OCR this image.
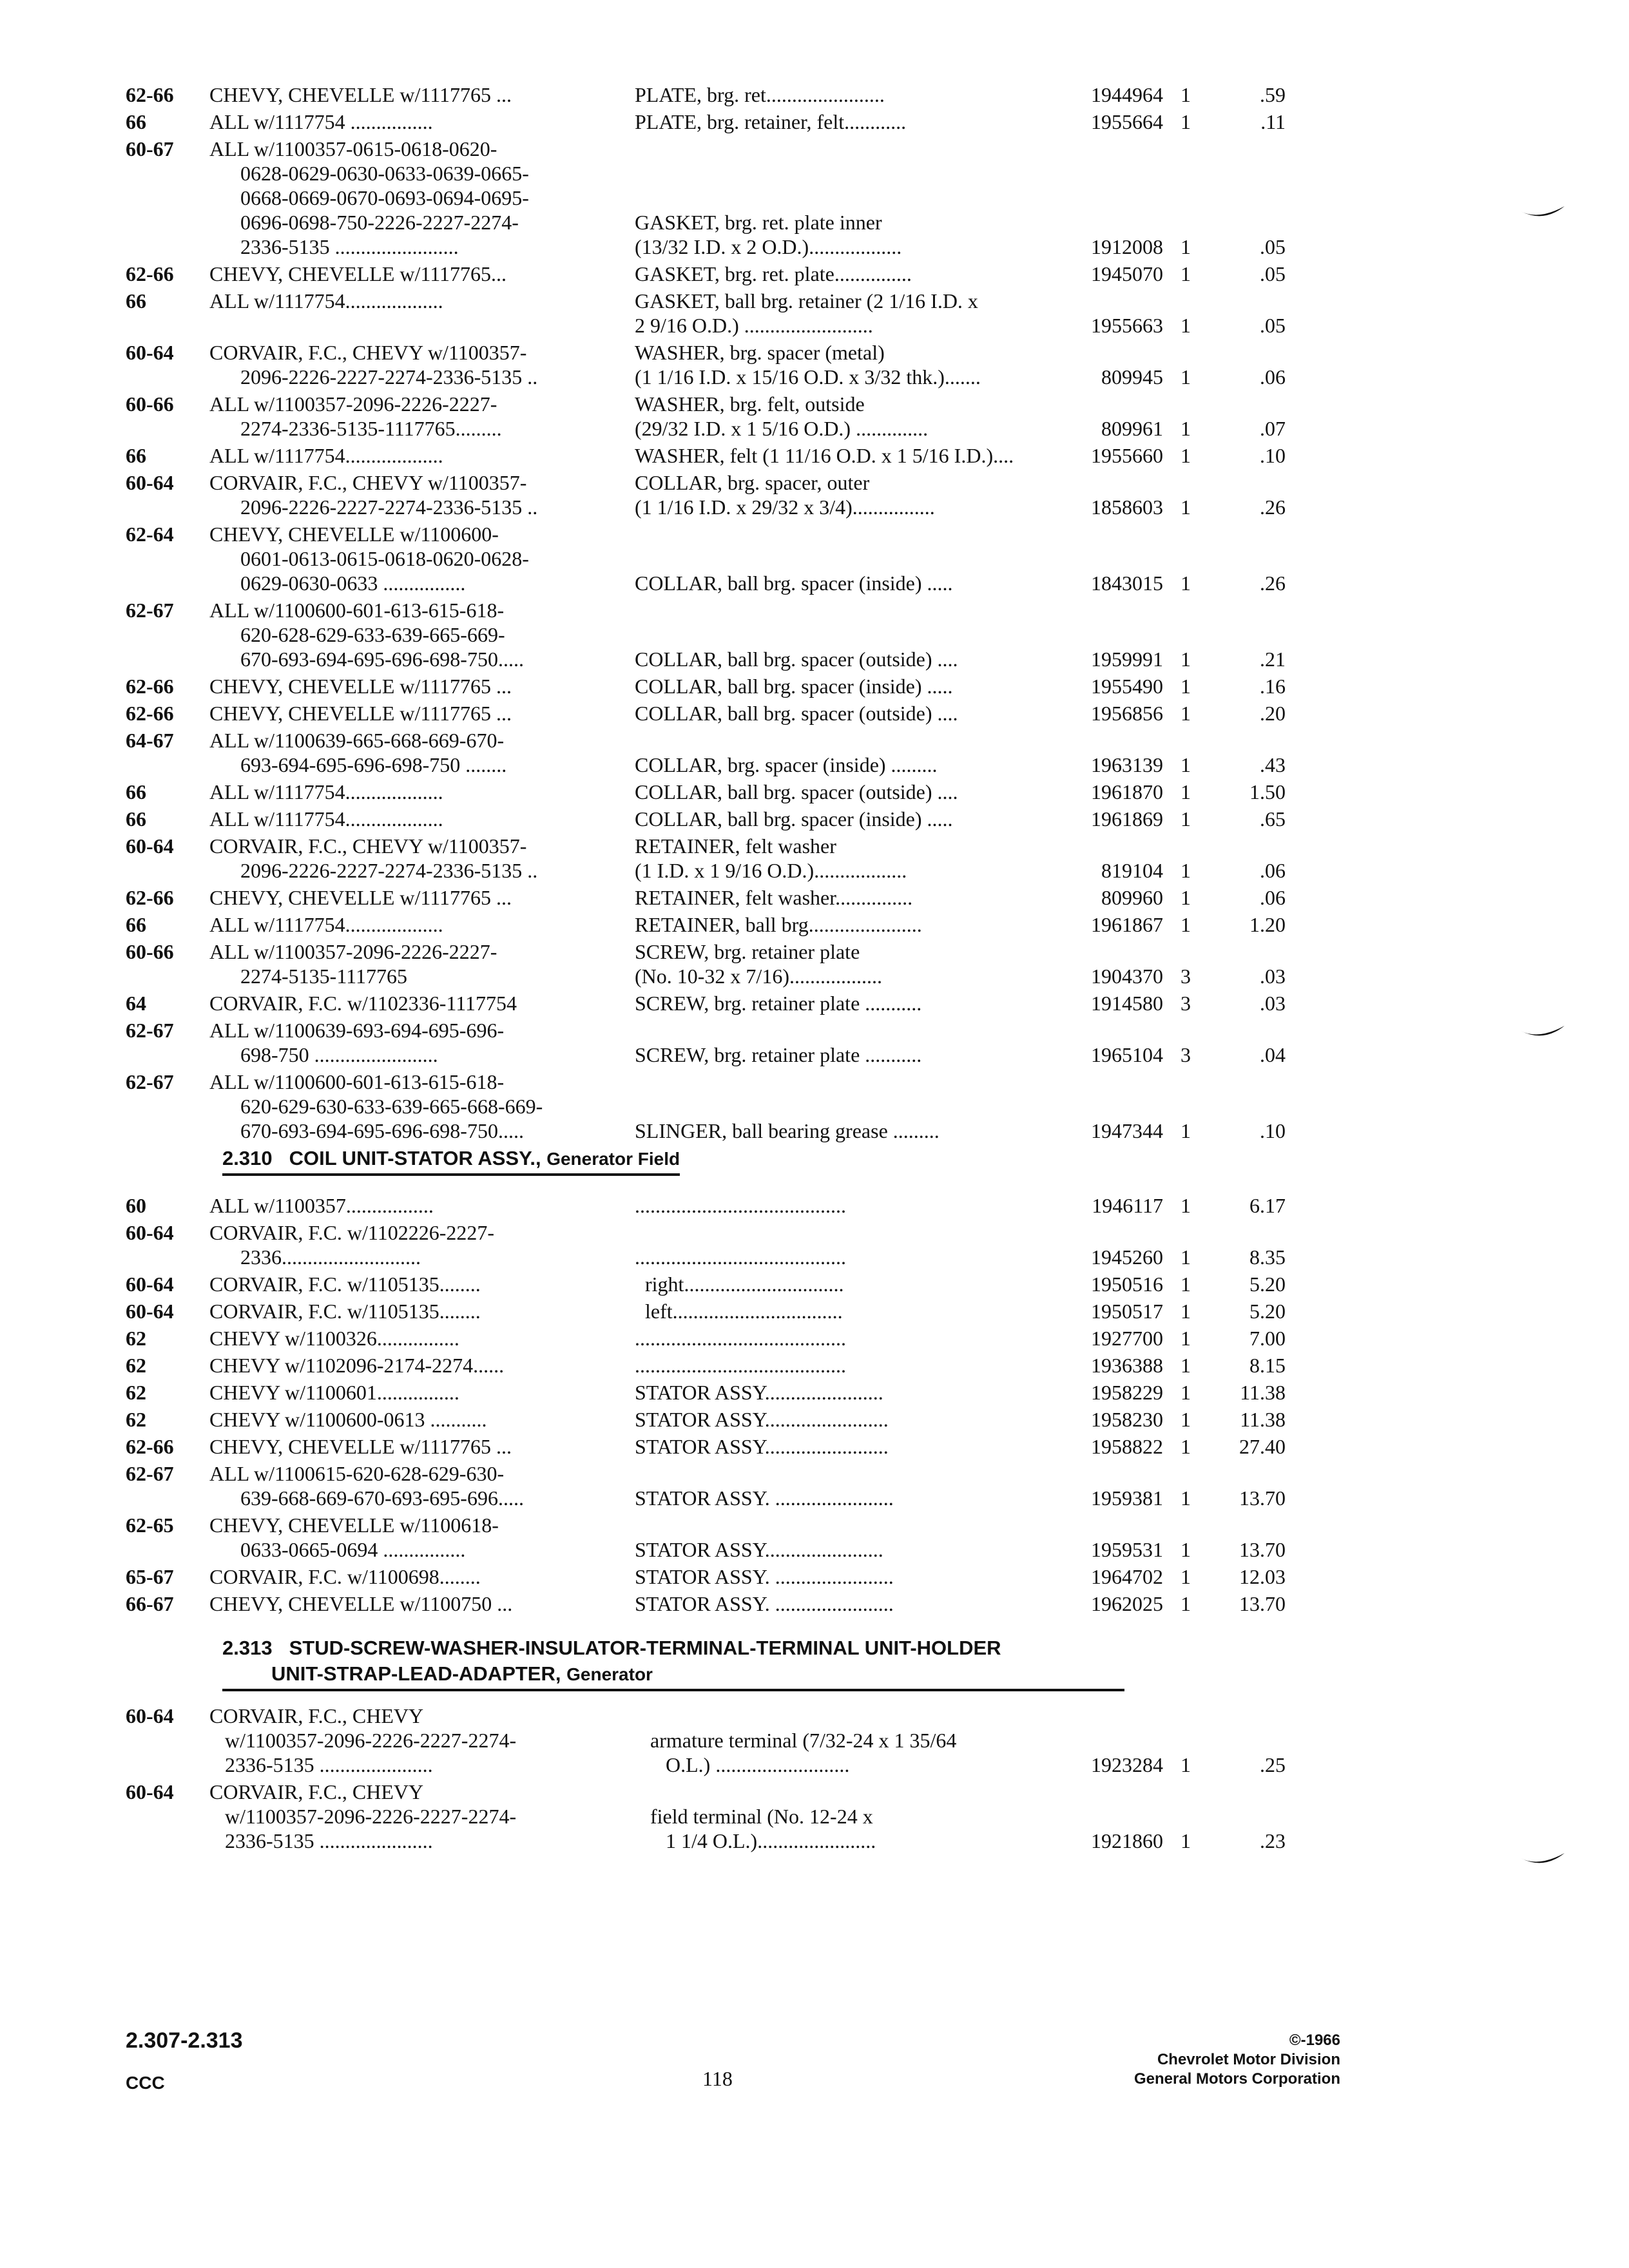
62-66	CHEVY, CHEVELLE w/1117765 ...	PLATE, brg. ret.......................	1944964	1	.59
66	ALL w/1117754 ................	PLATE, brg. retainer, felt............	1955664	1	.11
60-67	ALL w/1100357-0615-0618-0620-				
	0628-0629-0630-0633-0639-0665-				
	0668-0669-0670-0693-0694-0695-				
	0696-0698-750-2226-2227-2274-	GASKET, brg. ret. plate inner			
	2336-5135 ........................	(13/32 I.D. x 2 O.D.)..................	1912008	1	.05
62-66	CHEVY, CHEVELLE w/1117765...	GASKET, brg. ret. plate...............	1945070	1	.05
66	ALL w/1117754...................	GASKET, ball brg. retainer (2 1/16 I.D. x			
		2 9/16 O.D.) .........................	1955663	1	.05
60-64	CORVAIR, F.C., CHEVY w/1100357-	WASHER, brg. spacer (metal)			
	2096-2226-2227-2274-2336-5135 ..	(1 1/16 I.D. x 15/16 O.D. x 3/32 thk.).......	809945	1	.06
60-66	ALL w/1100357-2096-2226-2227-	WASHER, brg. felt, outside			
	2274-2336-5135-1117765.........	(29/32 I.D. x 1 5/16 O.D.) ..............	809961	1	.07
66	ALL w/1117754...................	WASHER, felt (1 11/16 O.D. x 1 5/16 I.D.)....	1955660	1	.10
60-64	CORVAIR, F.C., CHEVY w/1100357-	COLLAR, brg. spacer, outer			
	2096-2226-2227-2274-2336-5135 ..	(1 1/16 I.D. x 29/32 x 3/4)................	1858603	1	.26
62-64	CHEVY, CHEVELLE w/1100600-				
	0601-0613-0615-0618-0620-0628-				
	0629-0630-0633 ................	COLLAR, ball brg. spacer (inside) .....	1843015	1	.26
62-67	ALL w/1100600-601-613-615-618-				
	620-628-629-633-639-665-669-				
	670-693-694-695-696-698-750.....	COLLAR, ball brg. spacer (outside) ....	1959991	1	.21
62-66	CHEVY, CHEVELLE w/1117765 ...	COLLAR, ball brg. spacer (inside) .....	1955490	1	.16
62-66	CHEVY, CHEVELLE w/1117765 ...	COLLAR, ball brg. spacer (outside) ....	1956856	1	.20
64-67	ALL w/1100639-665-668-669-670-				
	693-694-695-696-698-750 ........	COLLAR, brg. spacer (inside) .........	1963139	1	.43
66	ALL w/1117754...................	COLLAR, ball brg. spacer (outside) ....	1961870	1	1.50
66	ALL w/1117754...................	COLLAR, ball brg. spacer (inside) .....	1961869	1	.65
60-64	CORVAIR, F.C., CHEVY w/1100357-	RETAINER, felt washer			
	2096-2226-2227-2274-2336-5135 ..	(1 I.D. x 1 9/16 O.D.)..................	819104	1	.06
62-66	CHEVY, CHEVELLE w/1117765 ...	RETAINER, felt washer...............	809960	1	.06
66	ALL w/1117754...................	RETAINER, ball brg......................	1961867	1	1.20
60-66	ALL w/1100357-2096-2226-2227-	SCREW, brg. retainer plate			
	2274-5135-1117765	(No. 10-32 x 7/16)..................	1904370	3	.03
64	CORVAIR, F.C. w/1102336-1117754	SCREW, brg. retainer plate ...........	1914580	3	.03
62-67	ALL w/1100639-693-694-695-696-				
	698-750 ........................	SCREW, brg. retainer plate ...........	1965104	3	.04
62-67	ALL w/1100600-601-613-615-618-				
	620-629-630-633-639-665-668-669-				
	670-693-694-695-696-698-750.....	SLINGER, ball bearing grease .........	1947344	1	.10
2.310 COIL UNIT-STATOR ASSY., Generator Field
60	ALL w/1100357.................	.........................................	1946117	1	6.17
60-64	CORVAIR, F.C. w/1102226-2227-				
	2336...........................	.........................................	1945260	1	8.35
60-64	CORVAIR, F.C. w/1105135........	right...............................	1950516	1	5.20
60-64	CORVAIR, F.C. w/1105135........	left.................................	1950517	1	5.20
62	CHEVY w/1100326................	.........................................	1927700	1	7.00
62	CHEVY w/1102096-2174-2274......	.........................................	1936388	1	8.15
62	CHEVY w/1100601................	STATOR ASSY.......................	1958229	1	11.38
62	CHEVY w/1100600-0613 ...........	STATOR ASSY........................	1958230	1	11.38
62-66	CHEVY, CHEVELLE w/1117765 ...	STATOR ASSY........................	1958822	1	27.40
62-67	ALL w/1100615-620-628-629-630-				
	639-668-669-670-693-695-696.....	STATOR ASSY. .......................	1959381	1	13.70
62-65	CHEVY, CHEVELLE w/1100618-				
	0633-0665-0694 ................	STATOR ASSY.......................	1959531	1	13.70
65-67	CORVAIR, F.C. w/1100698........	STATOR ASSY. .......................	1964702	1	12.03
66-67	CHEVY, CHEVELLE w/1100750 ...	STATOR ASSY. .......................	1962025	1	13.70
2.313 STUD-SCREW-WASHER-INSULATOR-TERMINAL-TERMINAL UNIT-HOLDER
UNIT-STRAP-LEAD-ADAPTER, Generator
60-64	CORVAIR, F.C., CHEVY				
	w/1100357-2096-2226-2227-2274-	armature terminal (7/32-24 x 1 35/64			
	2336-5135 ......................	O.L.) ..........................	1923284	1	.25
60-64	CORVAIR, F.C., CHEVY				
	w/1100357-2096-2226-2227-2274-	field terminal (No. 12-24 x			
	2336-5135 ......................	1 1/4 O.L.).......................	1921860	1	.23
2.307-2.313
CCC	118
©-1966
Chevrolet Motor Division
General Motors Corporation
